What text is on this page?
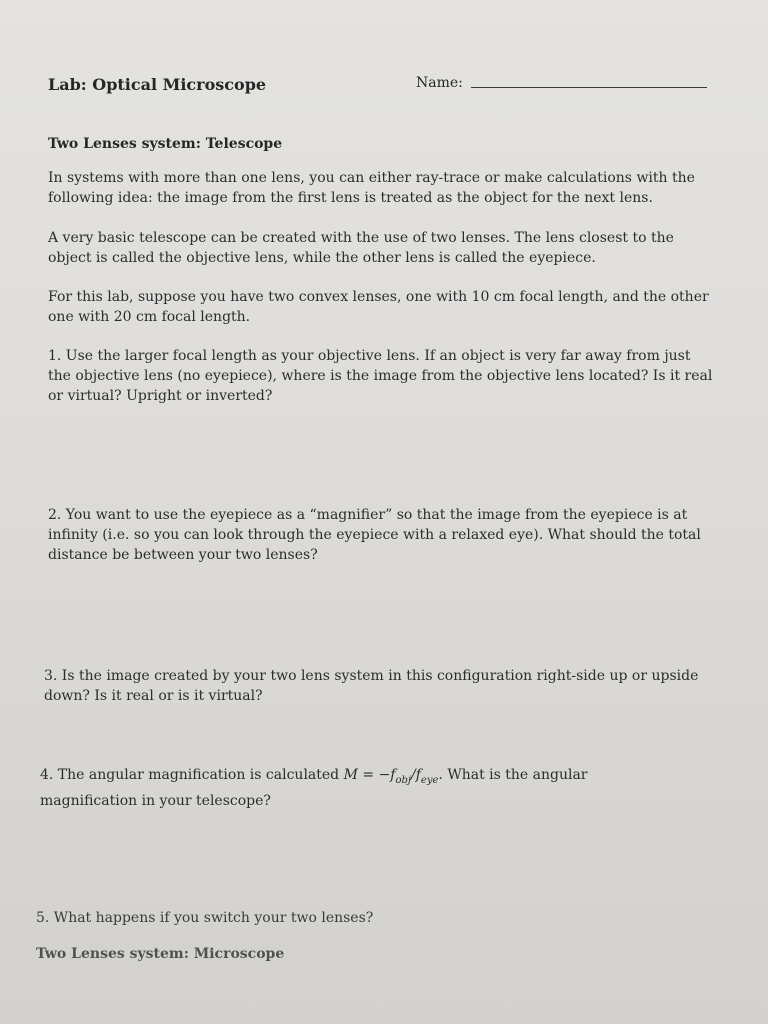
Lab: Optical Microscope	Name:
Two Lenses system: Telescope

In systems with more than one lens, you can either ray-trace or make calculations with the following idea: the image from the first lens is treated as the object for the next lens.

A very basic telescope can be created with the use of two lenses. The lens closest to the object is called the objective lens, while the other lens is called the eyepiece.

For this lab, suppose you have two convex lenses, one with 10 cm focal length, and the other one with 20 cm focal length.

1. Use the larger focal length as your objective lens. If an object is very far away from just the objective lens (no eyepiece), where is the image from the objective lens located? Is it real or virtual? Upright or inverted?

2. You want to use the eyepiece as a “magnifier” so that the image from the eyepiece is at infinity (i.e. so you can look through the eyepiece with a relaxed eye). What should the total distance be between your two lenses?

3. Is the image created by your two lens system in this configuration right-side up or upside down? Is it real or is it virtual?

4. The angular magnification is calculated $M = -f_{obj}/f_{eye}$. What is the angular magnification in your telescope?

5. What happens if you switch your two lenses?

Two Lenses system: Microscope
